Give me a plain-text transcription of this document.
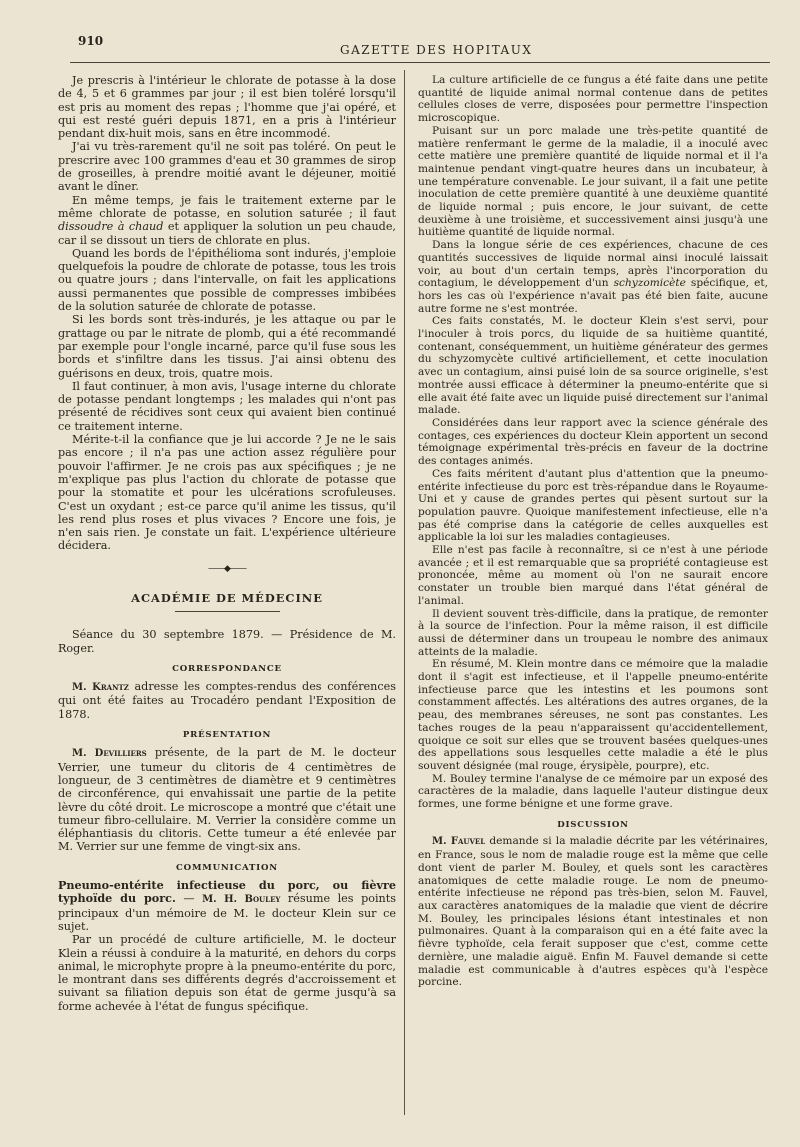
910
GAZETTE DES HOPITAUX

Je prescris à l'intérieur le chlorate de potasse à la dose de 4, 5 et 6 grammes par jour ; il est bien toléré lorsqu'il est pris au moment des repas ; l'homme que j'ai opéré, et qui est resté guéri depuis 1871, en a pris à l'intérieur pendant dix-huit mois, sans en être incommodé.

J'ai vu très-rarement qu'il ne soit pas toléré. On peut le prescrire avec 100 grammes d'eau et 30 grammes de sirop de groseilles, à prendre moitié avant le déjeuner, moitié avant le dîner.

En même temps, je fais le traitement externe par le même chlorate de potasse, en solution saturée ; il faut dissoudre à chaud et appliquer la solution un peu chaude, car il se dissout un tiers de chlorate en plus.

Quand les bords de l'épithélioma sont indurés, j'emploie quelquefois la poudre de chlorate de potasse, tous les trois ou quatre jours ; dans l'intervalle, on fait les applications aussi permanentes que possible de compresses imbibées de la solution saturée de chlorate de potasse.

Si les bords sont très-indurés, je les attaque ou par le grattage ou par le nitrate de plomb, qui a été recommandé par exemple pour l'ongle incarné, parce qu'il fuse sous les bords et s'infiltre dans les tissus. J'ai ainsi obtenu des guérisons en deux, trois, quatre mois.

Il faut continuer, à mon avis, l'usage interne du chlorate de potasse pendant longtemps ; les malades qui n'ont pas présenté de récidives sont ceux qui avaient bien continué ce traitement interne.

Mérite-t-il la confiance que je lui accorde ? Je ne le sais pas encore ; il n'a pas une action assez régulière pour pouvoir l'affirmer. Je ne crois pas aux spécifiques ; je ne m'explique pas plus l'action du chlorate de potasse que pour la stomatite et pour les ulcérations scrofuleuses. C'est un oxydant ; est-ce parce qu'il anime les tissus, qu'il les rend plus roses et plus vivaces ? Encore une fois, je n'en sais rien. Je constate un fait. L'expérience ultérieure décidera.

——◆——
ACADÉMIE DE MÉDECINE

Séance du 30 septembre 1879. — Présidence de M. Roger.

CORRESPONDANCE

M. Krantz adresse les comptes-rendus des conférences qui ont été faites au Trocadéro pendant l'Exposition de 1878.

PRÉSENTATION

M. Devilliers présente, de la part de M. le docteur Verrier, une tumeur du clitoris de 4 centimètres de longueur, de 3 centimètres de diamètre et 9 centimètres de circonférence, qui envahissait une partie de la petite lèvre du côté droit. Le microscope a montré que c'était une tumeur fibro-cellulaire. M. Verrier la considère comme un éléphantiasis du clitoris. Cette tumeur a été enlevée par M. Verrier sur une femme de vingt-six ans.

COMMUNICATION

Pneumo-entérite infectieuse du porc, ou fièvre typhoïde du porc. — M. H. Bouley résume les points principaux d'un mémoire de M. le docteur Klein sur ce sujet.

Par un procédé de culture artificielle, M. le docteur Klein a réussi à conduire à la maturité, en dehors du corps animal, le microphyte propre à la pneumo-entérite du porc, le montrant dans ses différents degrés d'accroissement et suivant sa filiation depuis son état de germe jusqu'à sa forme achevée à l'état de fungus spécifique.

La culture artificielle de ce fungus a été faite dans une petite quantité de liquide animal normal contenue dans de petites cellules closes de verre, disposées pour permettre l'inspection microscopique.

Puisant sur un porc malade une très-petite quantité de matière renfermant le germe de la maladie, il a inoculé avec cette matière une première quantité de liquide normal et il l'a maintenue pendant vingt-quatre heures dans un incubateur, à une température convenable. Le jour suivant, il a fait une petite inoculation de cette première quantité à une deuxième quantité de liquide normal ; puis encore, le jour suivant, de cette deuxième à une troisième, et successivement ainsi jusqu'à une huitième quantité de liquide normal.

Dans la longue série de ces expériences, chacune de ces quantités successives de liquide normal ainsi inoculé laissait voir, au bout d'un certain temps, après l'incorporation du contagium, le développement d'un schyzomicète spécifique, et, hors les cas où l'expérience n'avait pas été bien faite, aucune autre forme ne s'est montrée.

Ces faits constatés, M. le docteur Klein s'est servi, pour l'inoculer à trois porcs, du liquide de sa huitième quantité, contenant, conséquemment, un huitième générateur des germes du schyzomycète cultivé artificiellement, et cette inoculation avec un contagium, ainsi puisé loin de sa source originelle, s'est montrée aussi efficace à déterminer la pneumo-entérite que si elle avait été faite avec un liquide puisé directement sur l'animal malade.

Considérées dans leur rapport avec la science générale des contages, ces expériences du docteur Klein apportent un second témoignage expérimental très-précis en faveur de la doctrine des contages animés.

Ces faits méritent d'autant plus d'attention que la pneumo-entérite infectieuse du porc est très-répandue dans le Royaume-Uni et y cause de grandes pertes qui pèsent surtout sur la population pauvre. Quoique manifestement infectieuse, elle n'a pas été comprise dans la catégorie de celles auxquelles est applicable la loi sur les maladies contagieuses.

Elle n'est pas facile à reconnaître, si ce n'est à une période avancée ; et il est remarquable que sa propriété contagieuse est prononcée, même au moment où l'on ne saurait encore constater un trouble bien marqué dans l'état général de l'animal.

Il devient souvent très-difficile, dans la pratique, de remonter à la source de l'infection. Pour la même raison, il est difficile aussi de déterminer dans un troupeau le nombre des animaux atteints de la maladie.

En résumé, M. Klein montre dans ce mémoire que la maladie dont il s'agit est infectieuse, et il l'appelle pneumo-entérite infectieuse parce que les intestins et les poumons sont constamment affectés. Les altérations des autres organes, de la peau, des membranes séreuses, ne sont pas constantes. Les taches rouges de la peau n'apparaissent qu'accidentellement, quoique ce soit sur elles que se trouvent basées quelques-unes des appellations sous lesquelles cette maladie a été le plus souvent désignée (mal rouge, érysipèle, pourpre), etc.

M. Bouley termine l'analyse de ce mémoire par un exposé des caractères de la maladie, dans laquelle l'auteur distingue deux formes, une forme bénigne et une forme grave.

DISCUSSION

M. Fauvel demande si la maladie décrite par les vétérinaires, en France, sous le nom de maladie rouge est la même que celle dont vient de parler M. Bouley, et quels sont les caractères anatomiques de cette maladie rouge. Le nom de pneumo-entérite infectieuse ne répond pas très-bien, selon M. Fauvel, aux caractères anatomiques de la maladie que vient de décrire M. Bouley, les principales lésions étant intestinales et non pulmonaires. Quant à la comparaison qui en a été faite avec la fièvre typhoïde, cela ferait supposer que c'est, comme cette dernière, une maladie aiguë. Enfin M. Fauvel demande si cette maladie est communicable à d'autres espèces qu'à l'espèce porcine.
